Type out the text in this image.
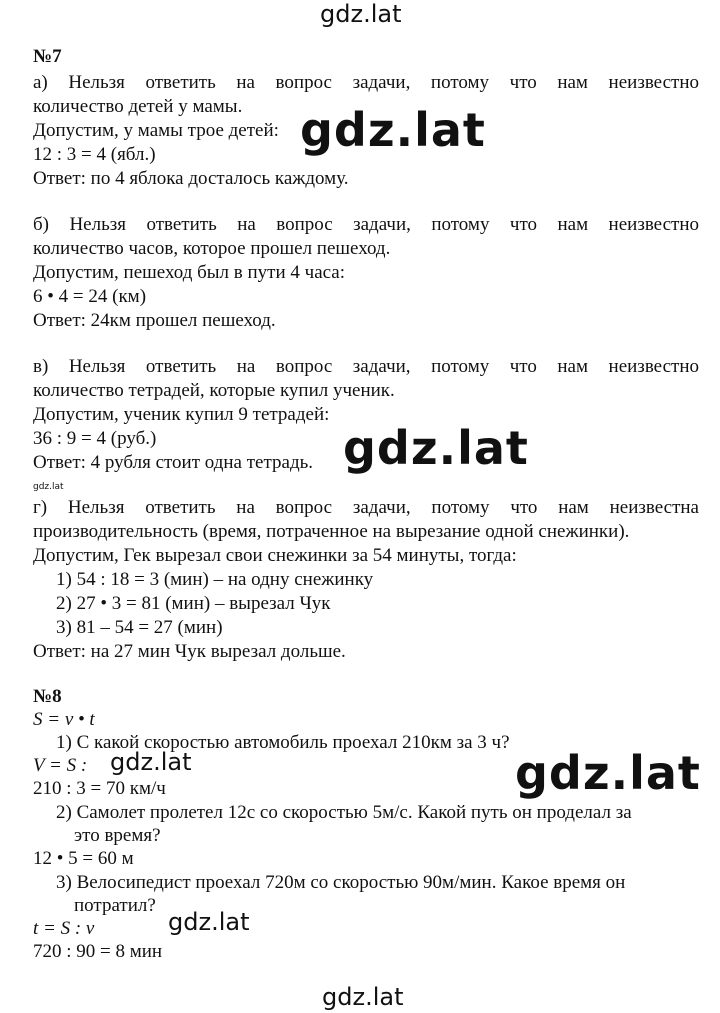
gdz.lat
№7
а) Нельзя ответить на вопрос задачи, потому что нам неизвестно
количество детей у мамы.
Допустим, у мамы трое детей:
12 : 3 = 4 (ябл.)
Ответ: по 4 яблока досталось каждому.
gdz.lat
б) Нельзя ответить на вопрос задачи, потому что нам неизвестно
количество часов, которое прошел пешеход.
Допустим, пешеход был в пути 4 часа:
6 • 4 = 24 (км)
Ответ: 24км прошел пешеход.
в) Нельзя ответить на вопрос задачи, потому что нам неизвестно
количество тетрадей, которые купил ученик.
Допустим, ученик купил 9 тетрадей:
36 : 9 = 4 (руб.)
Ответ: 4 рубля стоит одна тетрадь. gdz.lat
gdz.lat
г) Нельзя ответить на вопрос задачи, потому что нам неизвестна
производительность (время, потраченное на вырезание одной снежинки).
Допустим, Гек вырезал свои снежинки за 54 минуты, тогда:
1) 54 : 18 = 3 (мин) – на одну снежинку
2) 27 • 3 = 81 (мин) – вырезал Чук
3) 81 – 54 = 27 (мин)
Ответ: на 27 мин Чук вырезал дольше.
№8
S = v • t
1) С какой скоростью автомобиль проехал 210км за 3 ч?
V = S : gdz.lat
210 : 3 = 70 км/ч	gdz.lat
2) Самолет пролетел 12с со скоростью 5м/с. Какой путь он проделал за
это время?
12 • 5 = 60 м
3) Велосипедист проехал 720м со скоростью 90м/мин. Какое время он
потратил?
t = S : v	gdz.lat
720 : 90 = 8 мин
gdz.lat
